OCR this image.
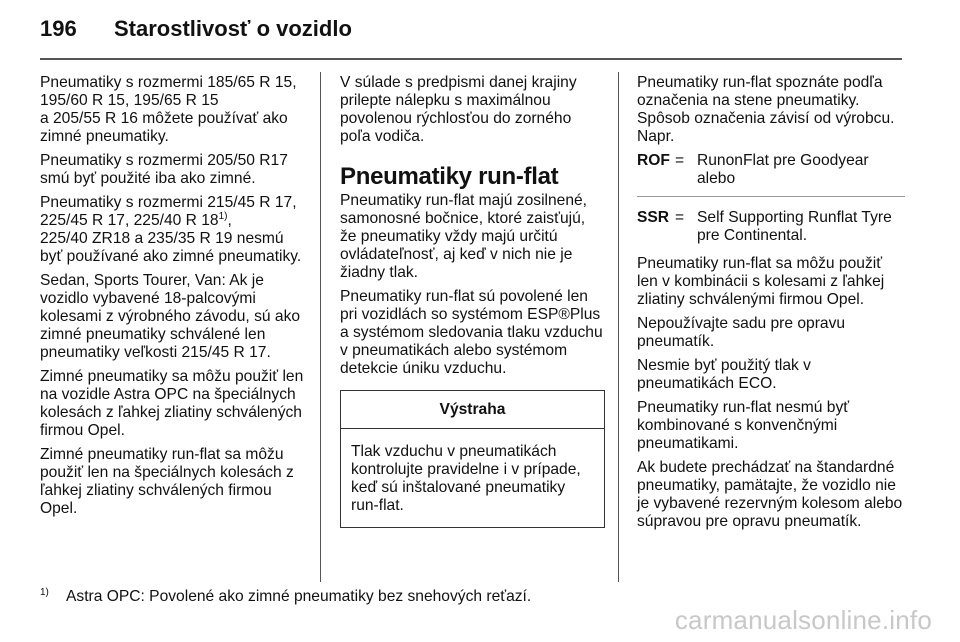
196 Starostlivosť o vozidlo

Pneumatiky s rozmermi 185/65 R 15, 195/60 R 15, 195/65 R 15
a 205/55 R 16 môžete používať ako zimné pneumatiky.

Pneumatiky s rozmermi 205/50 R17 smú byť použité iba ako zimné.

Pneumatiky s rozmermi 215/45 R 17, 225/45 R 17, 225/40 R 18$^{1)}$,
225/40 ZR18 a 235/35 R 19 nesmú byť používané ako zimné pneumatiky.

Sedan, Sports Tourer, Van: Ak je vozidlo vybavené 18-palcovými kolesami z výrobného závodu, sú ako zimné pneumatiky schválené len pneumatiky veľkosti 215/45 R 17.

Zimné pneumatiky sa môžu použiť len na vozidle Astra OPC na špeciálnych kolesách z ľahkej zliatiny schválených firmou Opel.

Zimné pneumatiky run-flat sa môžu použiť len na špeciálnych kolesách z ľahkej zliatiny schválených firmou Opel.

V súlade s predpismi danej krajiny prilepte nálepku s maximálnou povolenou rýchlosťou do zorného poľa vodiča.

Pneumatiky run-flat

Pneumatiky run-flat majú zosilnené, samonosné bočnice, ktoré zaisťujú, že pneumatiky vždy majú určitú ovládateľnosť, aj keď v nich nie je žiadny tlak.

Pneumatiky run-flat sú povolené len pri vozidlách so systémom ESP®Plus a systémom sledovania tlaku vzduchu v pneumatikách alebo systémom detekcie úniku vzduchu.

Výstraha
Tlak vzduchu v pneumatikách kontrolujte pravidelne i v prípade, keď sú inštalované pneumatiky run-flat.

Pneumatiky run-flat spoznáte podľa označenia na stene pneumatiky. Spôsob označenia závisí od výrobcu. Napr.

ROF = RunonFlat pre Goodyear alebo
SSR = Self Supporting Runflat Tyre pre Continental.

Pneumatiky run-flat sa môžu použiť len v kombinácii s kolesami z ľahkej zliatiny schválenými firmou Opel.

Nepoužívajte sadu pre opravu pneumatík.

Nesmie byť použitý tlak v pneumatikách ECO.

Pneumatiky run-flat nesmú byť kombinované s konvenčnými pneumatikami.

Ak budete prechádzať na štandardné pneumatiky, pamätajte, že vozidlo nie je vybavené rezervným kolesom alebo súpravou pre opravu pneumatík.

1) Astra OPC: Povolené ako zimné pneumatiky bez snehových reťazí.
carmanualsonline.info
